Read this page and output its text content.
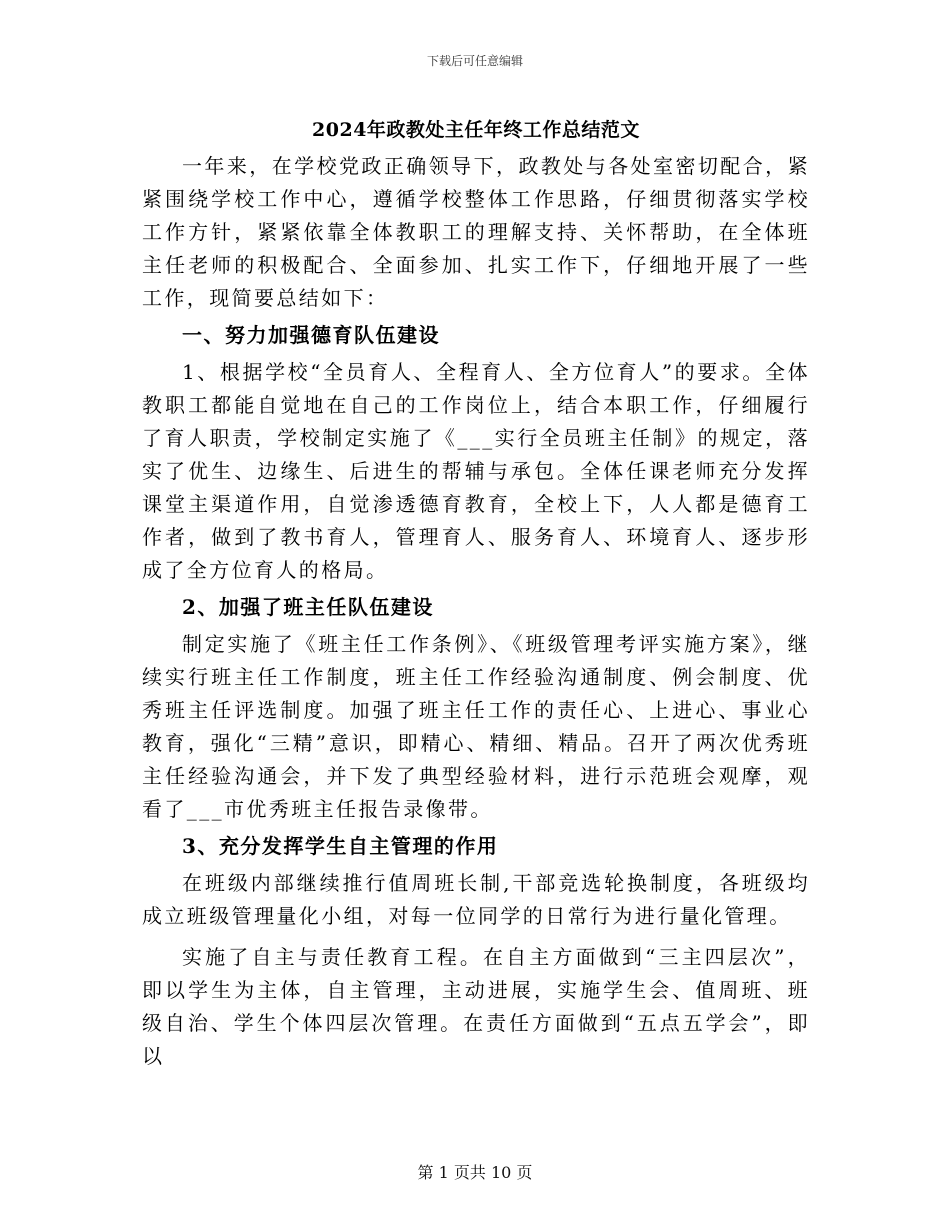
下载后可任意编辑
2024年政教处主任年终工作总结范文

一年来，在学校党政正确领导下，政教处与各处室密切配合，紧紧围绕学校工作中心，遵循学校整体工作思路，仔细贯彻落实学校工作方针，紧紧依靠全体教职工的理解支持、关怀帮助，在全体班主任老师的积极配合、全面参加、扎实工作下，仔细地开展了一些工作，现简要总结如下：

一、努力加强德育队伍建设

1、根据学校“全员育人、全程育人、全方位育人”的要求。全体教职工都能自觉地在自己的工作岗位上，结合本职工作，仔细履行了育人职责，学校制定实施了《___实行全员班主任制》的规定，落实了优生、边缘生、后进生的帮辅与承包。全体任课老师充分发挥课堂主渠道作用，自觉渗透德育教育，全校上下，人人都是德育工作者，做到了教书育人，管理育人、服务育人、环境育人、逐步形成了全方位育人的格局。

2、加强了班主任队伍建设

制定实施了《班主任工作条例》、《班级管理考评实施方案》，继续实行班主任工作制度，班主任工作经验沟通制度、例会制度、优秀班主任评选制度。加强了班主任工作的责任心、上进心、事业心教育，强化“三精”意识，即精心、精细、精品。召开了两次优秀班主任经验沟通会，并下发了典型经验材料，进行示范班会观摩，观看了___市优秀班主任报告录像带。

3、充分发挥学生自主管理的作用

在班级内部继续推行值周班长制,干部竞选轮换制度，各班级均成立班级管理量化小组，对每一位同学的日常行为进行量化管理。

实施了自主与责任教育工程。在自主方面做到“三主四层次”，即以学生为主体，自主管理，主动进展，实施学生会、值周班、班级自治、学生个体四层次管理。在责任方面做到“五点五学会”，即以

第 1 页共 10 页
